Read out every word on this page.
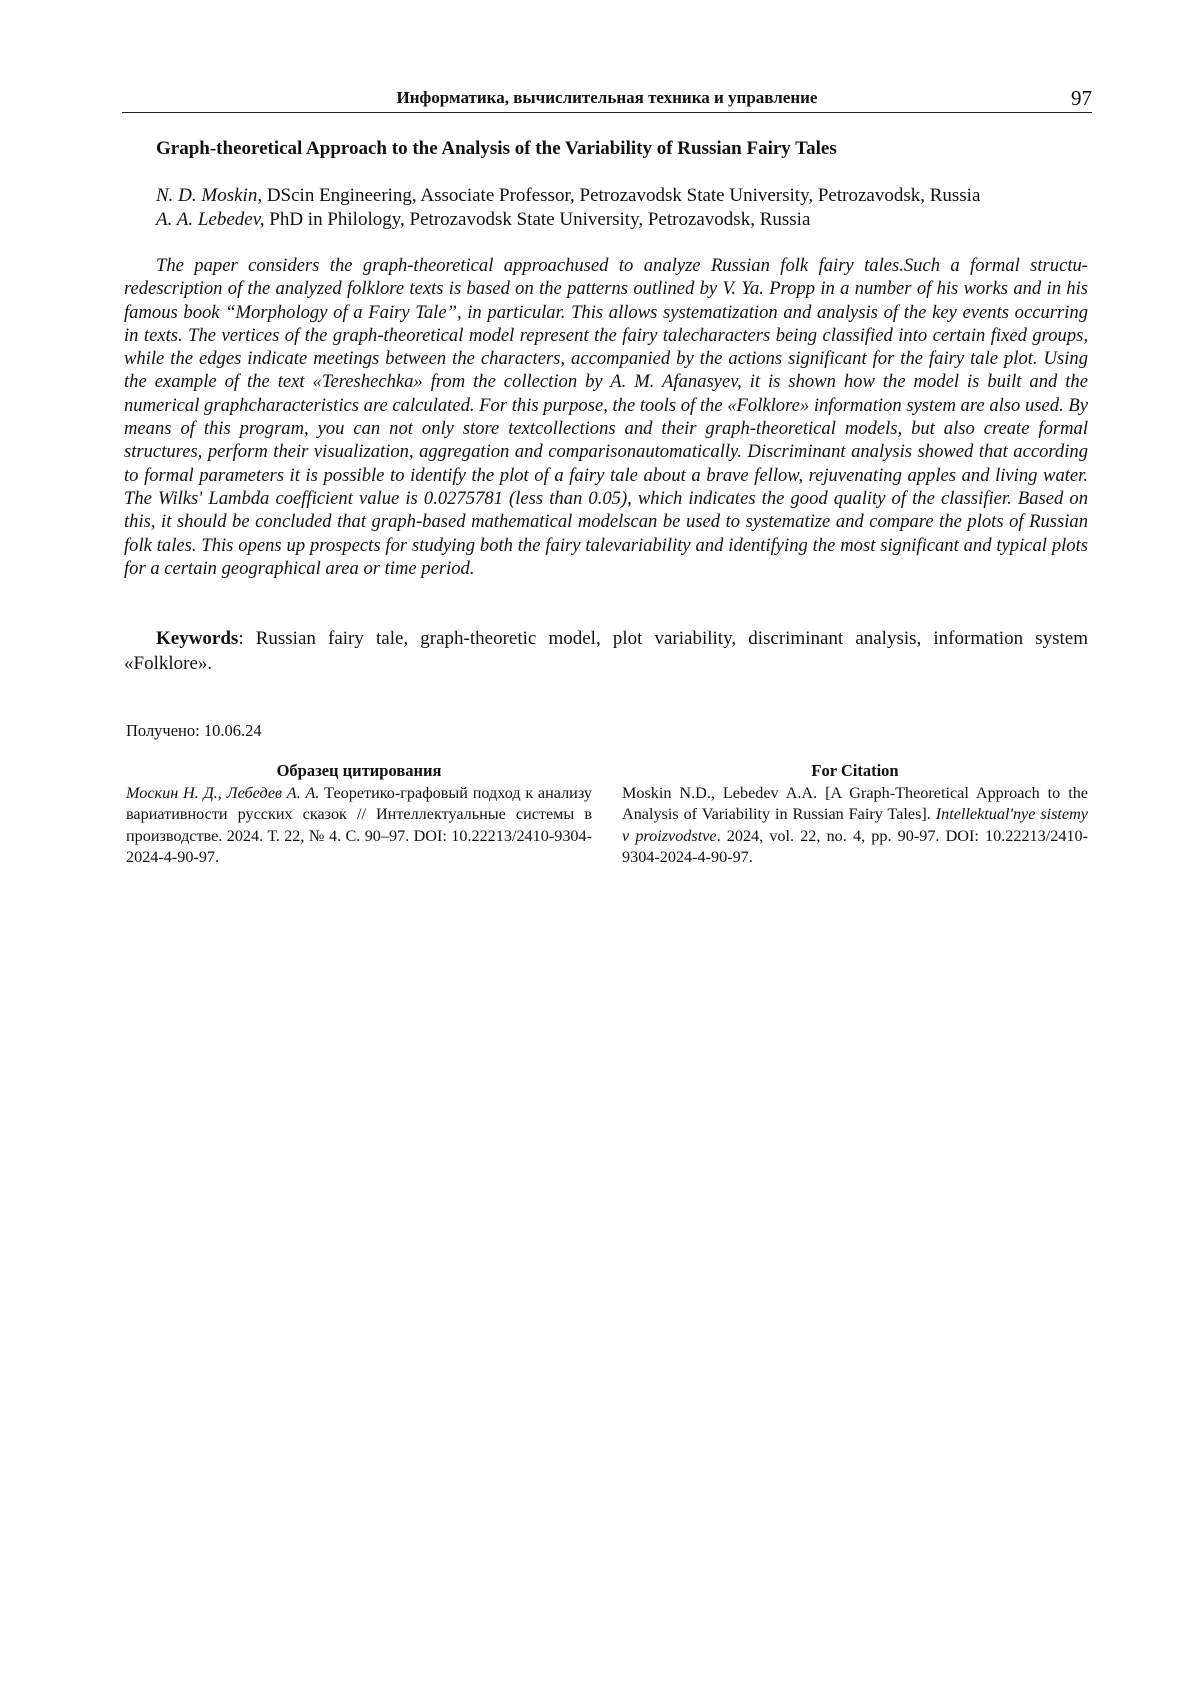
Информатика, вычислительная техника и управление	97
Graph-theoretical Approach to the Analysis of the Variability of Russian Fairy Tales
N. D. Moskin, DScin Engineering, Associate Professor, Petrozavodsk State University, Petrozavodsk, Russia
A. A. Lebedev, PhD in Philology, Petrozavodsk State University, Petrozavodsk, Russia
The paper considers the graph-theoretical approachused to analyze Russian folk fairy tales.Such a formal structuredescription of the analyzed folklore texts is based on the patterns outlined by V. Ya. Propp in a number of his works and in his famous book “Morphology of a Fairy Tale”, in particular. This allows systematization and analysis of the key events occurring in texts. The vertices of the graph-theoretical model represent the fairy talecharacters being classified into certain fixed groups, while the edges indicate meetings between the characters, accompanied by the actions significant for the fairy tale plot. Using the example of the text «Tereshechka» from the collection by A. M. Afanasyev, it is shown how the model is built and the numerical graphcharacteristics are calculated. For this purpose, the tools of the «Folklore» information system are also used. By means of this program, you can not only store textcollections and their graph-theoretical models, but also create formal structures, perform their visualization, aggregation and comparisonautomatically. Discriminant analysis showed that according to formal parameters it is possible to identify the plot of a fairy tale about a brave fellow, rejuvenating apples and living water. The Wilks' Lambda coefficient value is 0.0275781 (less than 0.05), which indicates the good quality of the classifier. Based on this, it should be concluded that graph-based mathematical modelscan be used to systematize and compare the plots of Russian folk tales. This opens up prospects for studying both the fairy talevariability and identifying the most significant and typical plots for a certain geographical area or time period.
Keywords: Russian fairy tale, graph-theoretic model, plot variability, discriminant analysis, information system «Folklore».
Получено: 10.06.24
Образец цитирования
Москин Н. Д., Лебедев А. А. Теоретико-графовый подход к анализу вариативности русских сказок // Интеллектуальные системы в производстве. 2024. Т. 22, № 4. С. 90–97. DOI: 10.22213/2410-9304-2024-4-90-97.
For Citation
Moskin N.D., Lebedev A.A. [A Graph-Theoretical Approach to the Analysis of Variability in Russian Fairy Tales]. Intellektual'nye sistemy v proizvodstve. 2024, vol. 22, no. 4, pp. 90-97. DOI: 10.22213/2410-9304-2024-4-90-97.
